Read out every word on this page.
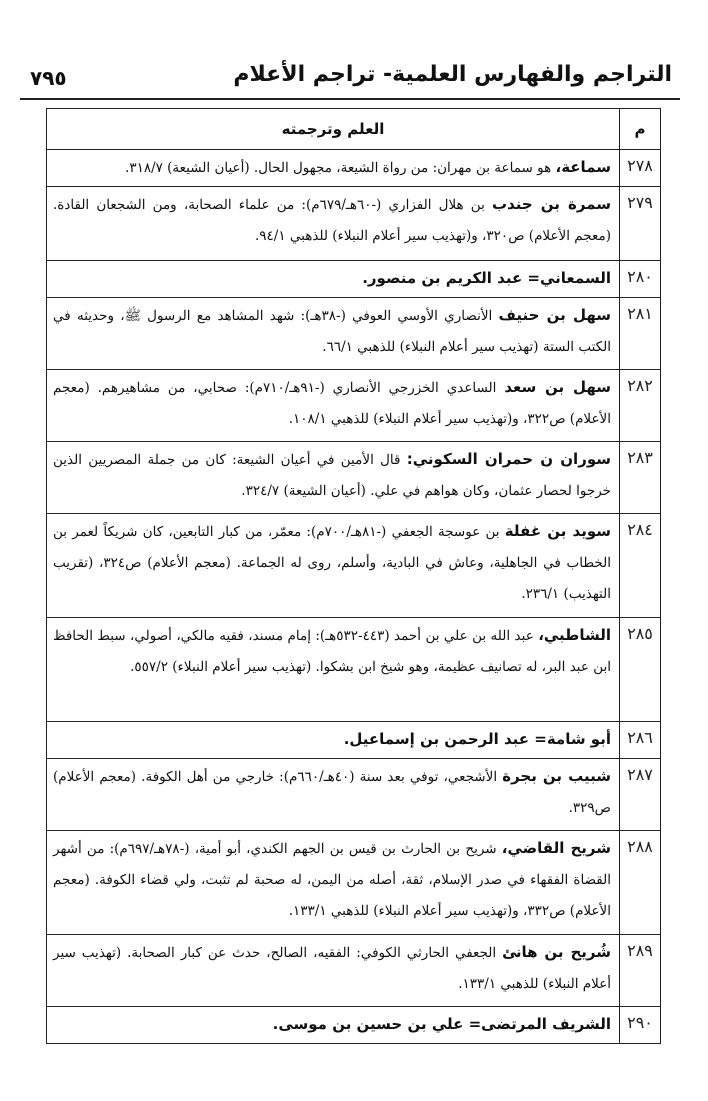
التراجم والفهارس العلمية- تراجم الأعلام
٧٩٥
م	العلم وترجمته
٢٧٨	سماعة، هو سماعة بن مهران: من رواة الشيعة، مجهول الحال. (أعيان الشيعة) ٣١٨/٧.
٢٧٩	سمرة بن جندب بن هلال الفزاري (-٦٠هـ/٦٧٩م): من علماء الصحابة، ومن الشجعان القادة. (معجم الأعلام) ص٣٢٠، و(تهذيب سير أعلام النبلاء) للذهبي ٩٤/١.
٢٨٠	السمعاني= عبد الكريم بن منصور.
٢٨١	سهل بن حنيف الأنصاري الأوسي العوفي (-٣٨هـ): شهد المشاهد مع الرسول ﷺ، وحديثه في الكتب الستة (تهذيب سير أعلام النبلاء) للذهبي ٦٦/١.
٢٨٢	سهل بن سعد الساعدي الخزرجي الأنصاري (-٩١هـ/٧١٠م): صحابي، من مشاهيرهم. (معجم الأعلام) ص٣٢٢، و(تهذيب سير أعلام النبلاء) للذهبي ١٠٨/١.
٢٨٣	سوران ن حمران السكوني: قال الأمين في أعيان الشيعة: كان من جملة المصريين الذين خرجوا لحصار عثمان، وكان هواهم في علي. (أعيان الشيعة) ٣٢٤/٧.
٢٨٤	سويد بن غفلة بن عوسجة الجعفي (-٨١هـ/٧٠٠م): معمّر، من كبار التابعين، كان شريكاً لعمر بن الخطاب في الجاهلية، وعاش في البادية، وأسلم، روى له الجماعة. (معجم الأعلام) ص٣٢٤، (تقريب التهذيب) ٢٣٦/١.
٢٨٥	الشاطبي، عبد الله بن علي بن أحمد (٤٤٣-٥٣٢هـ): إمام مسند، فقيه مالكي، أصولي، سبط الحافظ ابن عبد البر، له تصانيف عظيمة، وهو شيخ ابن بشكوا. (تهذيب سير أعلام النبلاء) ٥٥٧/٢.
٢٨٦	أبو شامة= عبد الرحمن بن إسماعيل.
٢٨٧	شبيب بن بجرة الأشجعي، توفي بعد سنة (٤٠هـ/٦٦٠م): خارجي من أهل الكوفة. (معجم الأعلام) ص٣٢٩.
٢٨٨	شريح القاضي، شريح بن الحارث بن قيس بن الجهم الكندي، أبو أمية، (-٧٨هـ/٦٩٧م): من أشهر القضاة الفقهاء في صدر الإسلام، ثقة، أصله من اليمن، له صحبة لم تثبت، ولي قضاء الكوفة. (معجم الأعلام) ص٣٣٢، و(تهذيب سير أعلام النبلاء) للذهبي ١٣٣/١.
٢٨٩	شُريح بن هانئ الجعفي الحارثي الكوفي: الفقيه، الصالح، حدث عن كبار الصحابة. (تهذيب سير أعلام النبلاء) للذهبي ١٣٣/١.
٢٩٠	الشريف المرتضى= علي بن حسين بن موسى.
